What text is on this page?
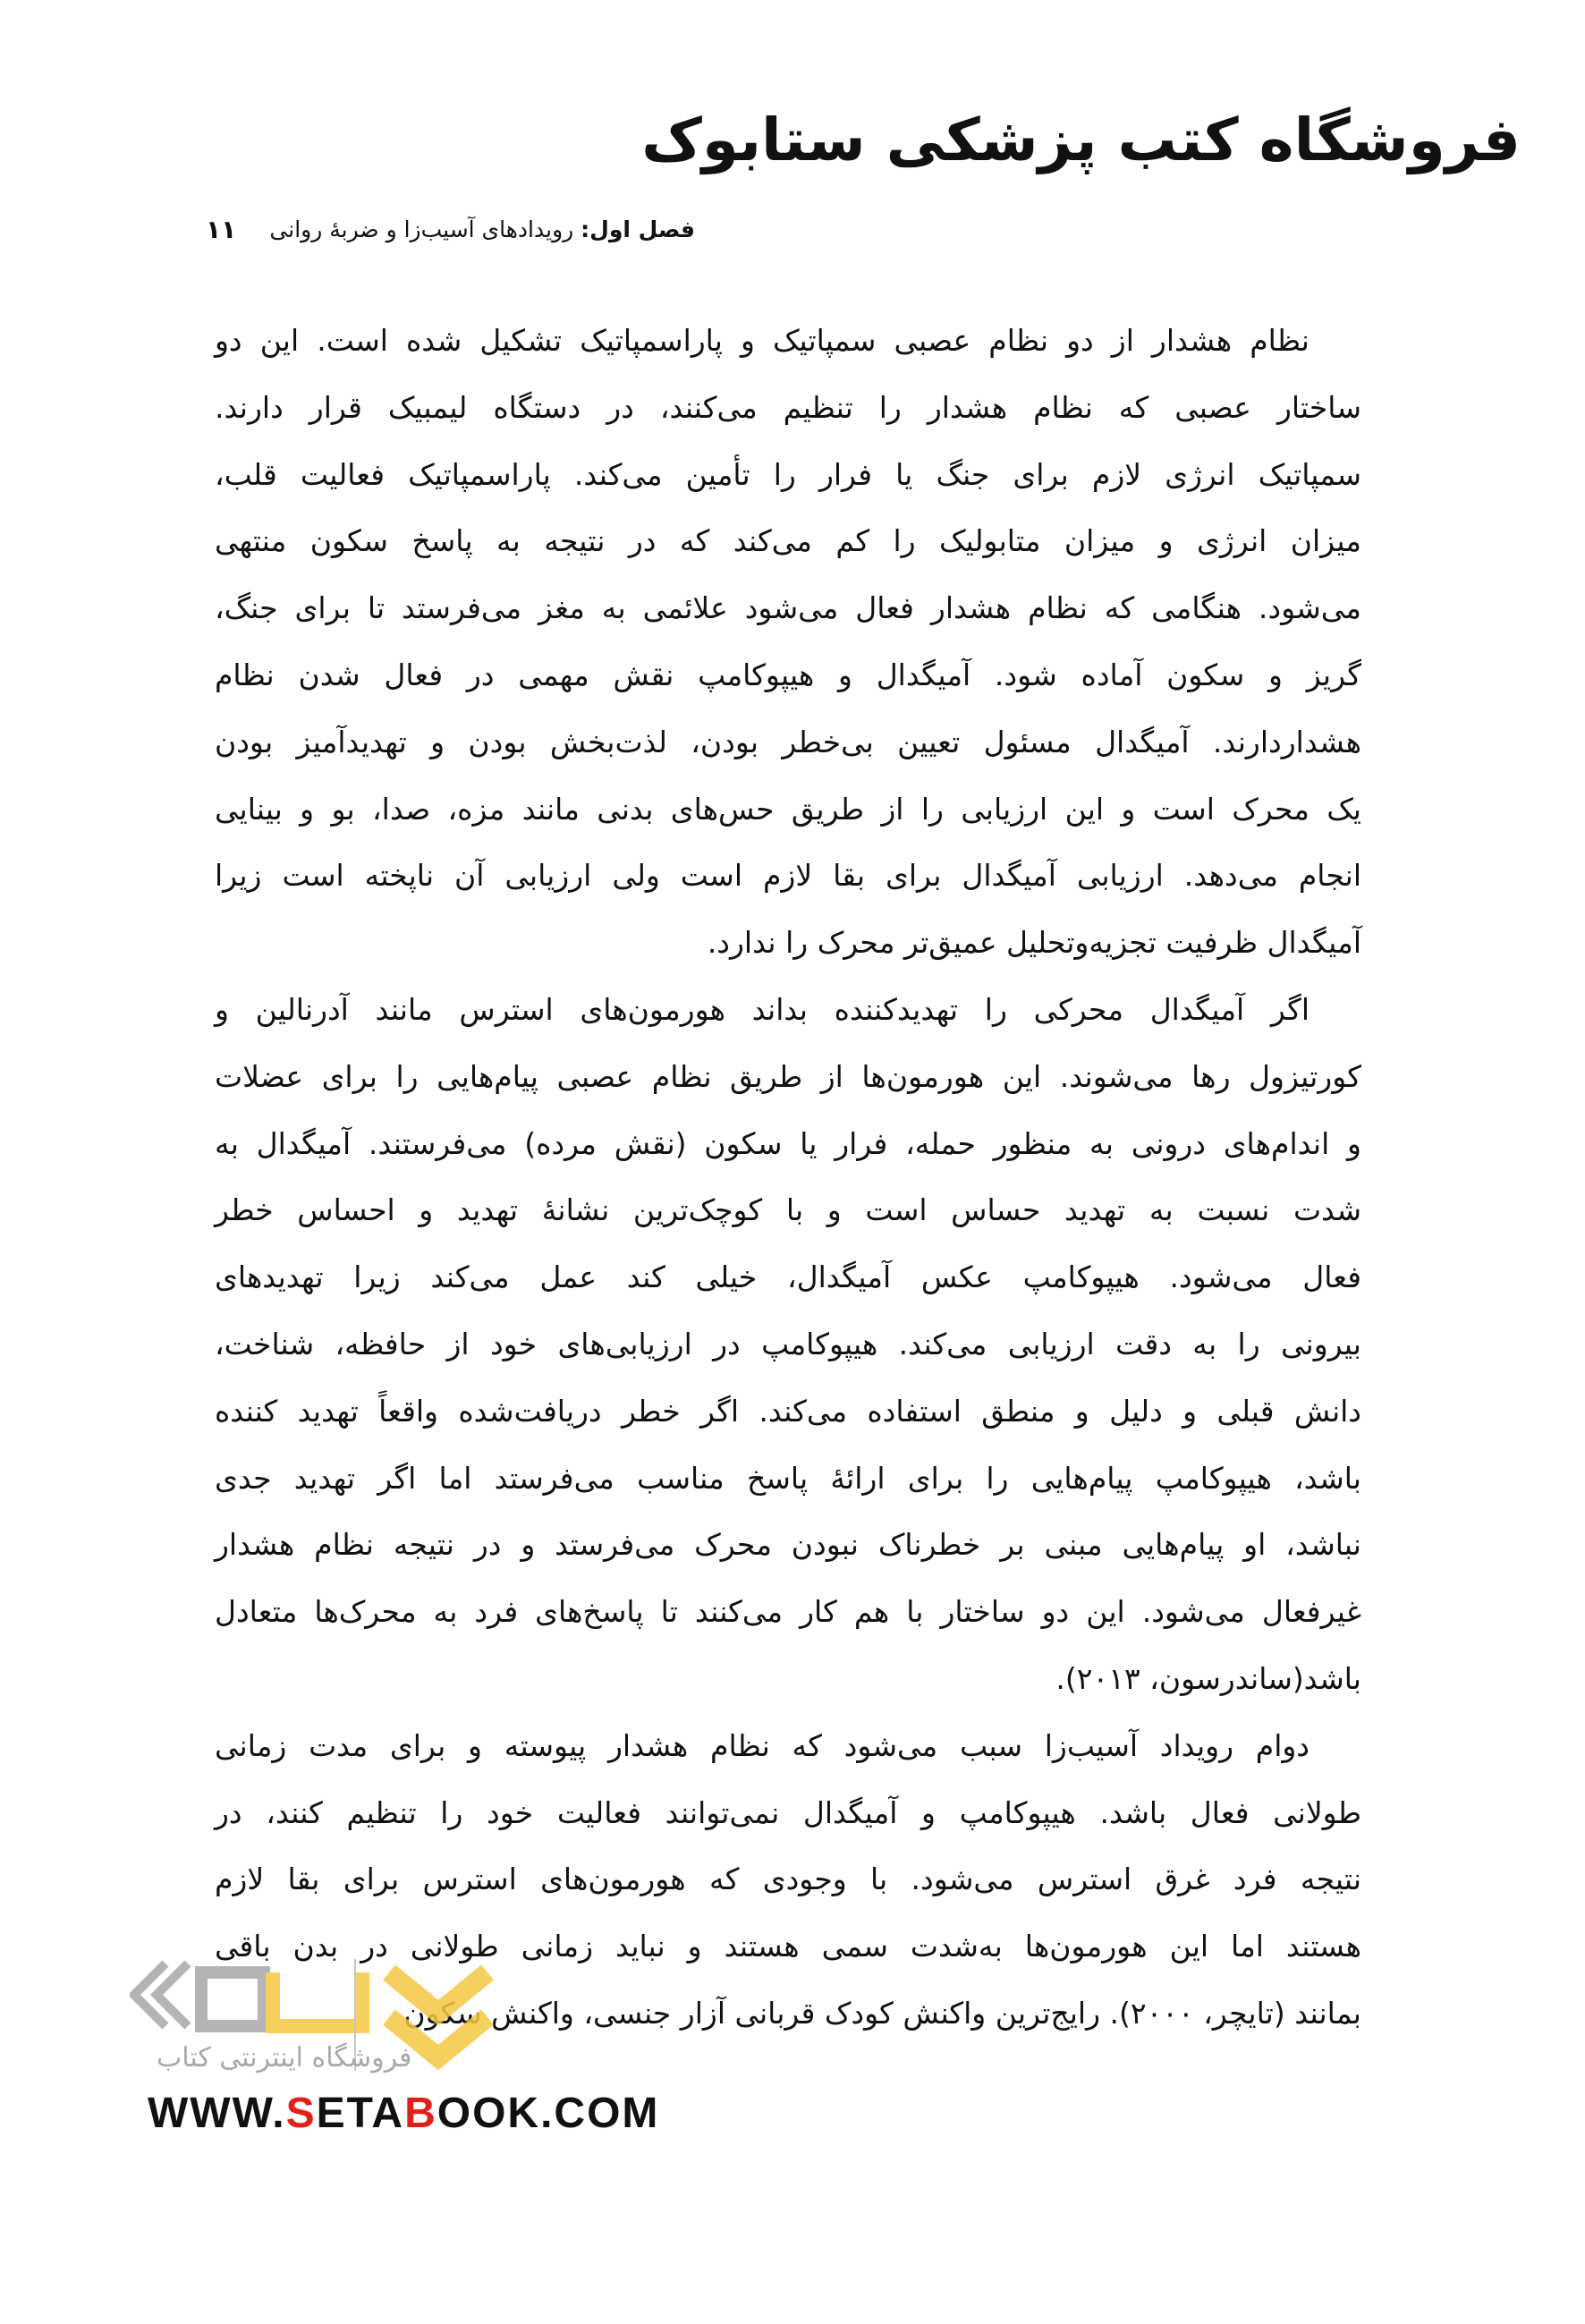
فروشگاه کتب پزشکی ستابوک
فصل اول: رویدادهای آسیب‌زا و ضربهٔ روانی
۱۱
نظام هشدار از دو نظام عصبی سمپاتیک و پاراسمپاتیک تشکیل شده است. این دو
ساختار عصبی که نظام هشدار را تنظیم می‌کنند، در دستگاه لیمبیک قرار دارند.
سمپاتیک انرژی لازم برای جنگ یا فرار را تأمین می‌کند. پاراسمپاتیک فعالیت قلب،
میزان انرژی و میزان متابولیک را کم می‌کند که در نتیجه به پاسخ سکون منتهی
می‌شود. هنگامی که نظام هشدار فعال می‌شود علائمی به مغز می‌فرستد تا برای جنگ،
گریز و سکون آماده شود. آمیگدال و هیپوکامپ نقش مهمی در فعال شدن نظام
هشداردارند. آمیگدال مسئول تعیین بی‌خطر بودن، لذت‌بخش بودن و تهدیدآمیز بودن
یک محرک است و این ارزیابی را از طریق حس‌های بدنی مانند مزه، صدا، بو و بینایی
انجام می‌دهد. ارزیابی آمیگدال برای بقا لازم است ولی ارزیابی آن ناپخته است زیرا
آمیگدال ظرفیت تجزیه‌وتحلیل عمیق‌تر محرک را ندارد.
اگر آمیگدال محرکی را تهدیدکننده بداند هورمون‌های استرس مانند آدرنالین و
کورتیزول رها می‌شوند. این هورمون‌ها از طریق نظام عصبی پیام‌هایی را برای عضلات
و اندام‌های درونی به منظور حمله، فرار یا سکون (نقش مرده) می‌فرستند. آمیگدال به
شدت نسبت به تهدید حساس است و با کوچک‌ترین نشانهٔ تهدید و احساس خطر
فعال می‌شود. هیپوکامپ عکس آمیگدال، خیلی کند عمل می‌کند زیرا تهدیدهای
بیرونی را به دقت ارزیابی می‌کند. هیپوکامپ در ارزیابی‌های خود از حافظه، شناخت،
دانش قبلی و دلیل و منطق استفاده می‌کند. اگر خطر دریافت‌شده واقعاً تهدید کننده
باشد، هیپوکامپ پیام‌هایی را برای ارائهٔ پاسخ مناسب می‌فرستد اما اگر تهدید جدی
نباشد، او پیام‌هایی مبنی بر خطرناک نبودن محرک می‌فرستد و در نتیجه نظام هشدار
غیرفعال می‌شود. این دو ساختار با هم کار می‌کنند تا پاسخ‌های فرد به محرک‌ها متعادل
باشد(ساندرسون، ۲۰۱۳).
دوام رویداد آسیب‌زا سبب می‌شود که نظام هشدار پیوسته و برای مدت زمانی
طولانی فعال باشد. هیپوکامپ و آمیگدال نمی‌توانند فعالیت خود را تنظیم کنند، در
نتیجه فرد غرق استرس می‌شود. با وجودی که هورمون‌های استرس برای بقا لازم
هستند اما این هورمون‌ها به‌شدت سمی هستند و نباید زمانی طولانی در بدن باقی
بمانند (تایچر، ۲۰۰۰). رایج‌ترین واکنش کودک قربانی آزار جنسی، واکنش سکون
فروشگاه اینترنتی کتاب
WWW.SETABOOK.COM
